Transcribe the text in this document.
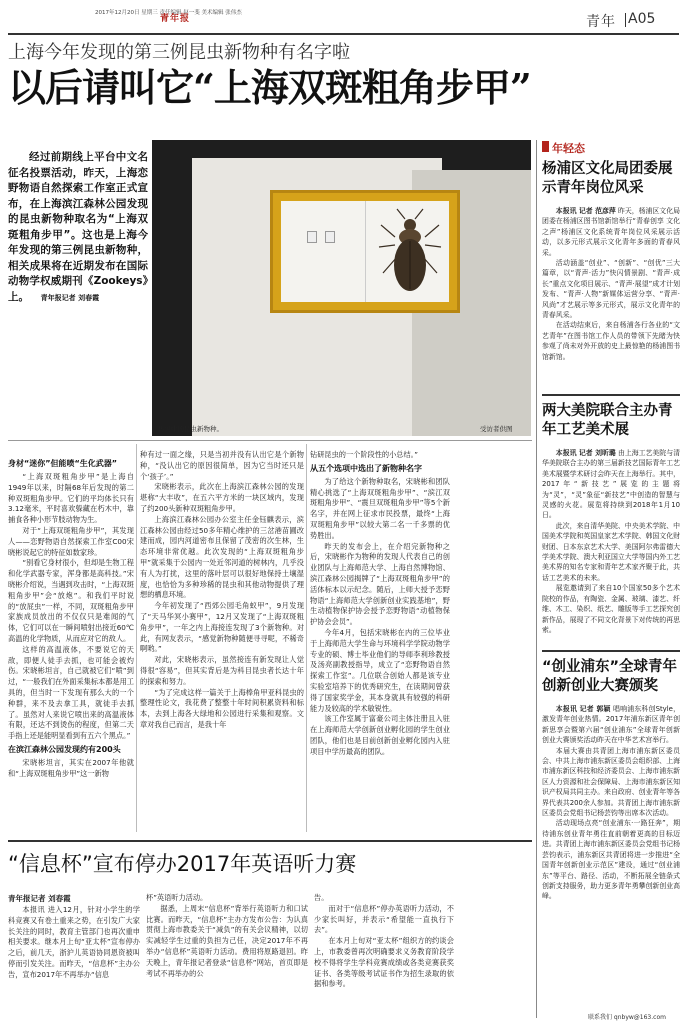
2017年12月20日 星期三 责任编辑 赵一斐 美术编辑 张伟杰
青年报	青年 A05
上海今年发现的第三例昆虫新物种有名字啦
以后请叫它“上海双斑粗角步甲”

经过前期线上平台中文名征名投票活动，昨天，上海恋野物语自然探索工作室正式宣布，在上海滨江森林公园发现的昆虫新物种取名为“上海双斑粗角步甲”。这也是上海今年发现的第三例昆虫新物种，相关成果将在近期发布在国际动物学权威期刊《Zookeys》上。 青年报记者 刘春霞

传说中的昆虫新物种。	受访者供图
身材“迷你”但能喷“生化武器”

“上海双斑粗角步甲”是上海自1949年以来，时隔68年后发现的第二种双斑粗角步甲。它们的平均体长只有3.12毫米，平时喜欢躲藏在朽木中，靠捕食各种小形节肢动物为生。

对于“上海双斑粗角步甲”，其发现人——恋野物语自然探索工作室C00宋晓彬说起它的特征如数家珍。

“别看它身材很小，但却是生物工程和化学武器专家，浑身都是高科技。”宋晓彬介绍说，当遇到攻击时，“上海双斑粗角步甲”会“放炮”。和我们平时说的“放屁虫”一样，不同，双斑粗角步甲家族成员放出的不仅仅只是难闻的气体，它们可以在一瞬间喷射出接近60℃高温的化学物质，从而应对它的敌人。

这样的高温液体，不要说它的天敌，即便人徒手去抓，也可能会被灼伤。宋晓彬坦言，自己就被它们“喷”到过，“一般我们在外面采集标本都是用工具的，但当时一下发现有那么大的一个种群，来不及去拿工具，就徒手去抓了。虽然对人来说它喷出来的高温液体有限，还达不到烫伤的程度，但第二天手指上还是能明显看到有五六个黑点。”

在滨江森林公园发现约有200头

宋晓彬坦言，其实在2007年他就和“上海双斑粗角步甲”这一新物

种有过一面之缘，只是当初并没有认出它是个新物种，“没认出它的原因很简单，因为它当时还只是个‘孩子’。”

宋晓彬表示，此次在上海滨江森林公园的发现堪称“大丰收”，在五六平方米的一块区域内，发现了约200头新种双斑粗角步甲。

上海滨江森林公园办公室主任金钰麒表示，滨江森林公园由经过50多年精心维护的三岔港苗圃改建而成，园内河道密布且保留了茂密的次生林，生态环境非常优越。此次发现的“上海双斑粗角步甲”就采集于公园内一处近邻河道的树林内，几乎没有人为打扰，这里的落叶层可以很好地保持土壤湿度，也恰恰为多种珍稀的昆虫和其他动物提供了理想的栖息环境。

今年初发现了“西郊公园毛角蚁甲”，9月发现了“天马华冥小赛甲”，12月又发现了“上海双斑粗角步甲”，一年之内上海接连发现了3个新物种。对此，有网友表示，“感觉新物种随便寻寻呢，不稀奇啊哟。”

对此，宋晓彬表示，虽然接连有新发现让人觉得很“容易”，但其实背后是为科目昆虫者长达十年的探索和努力。

“为了完成这样一篇关于上海棒角甲亚科昆虫的整理性论文，我花费了整整十年时间积累资料和标本，去到上海各大绿地和公园进行采集和观察。文章对我自己而言，是我十年

钻研昆虫的一个阶段性的小总结。”

从五个选项中选出了新物种名字

为了给这个新物种取名，宋晓彬和团队精心挑选了“上海双斑粗角步甲”、“滨江双斑粗角步甲”、“震旦双斑粗角步甲”等5个新名字，并在网上征求市民投票，最终“上海双斑粗角步甲”以较大第二名一千多票的优势胜出。

昨天的发布会上，在介绍完新物种之后，宋晓彬作为物种的发现人代表自己的创业团队与上海师范大学、上海自然博物馆、滨江森林公园揭牌了“上海双斑粗角步甲”的活体标本以示纪念。随后，上师大授予恋野物语“上海师范大学创新创业实践基地”，野生动植物保护协会授予恋野物语“动植物保护协会会员”。

今年4月，包括宋晓彬在内的三位毕业于上海师范大学生命与环境科学学院动物学专业的硕、博士毕业他们的导师李利珍教授及汤亮副教授指导，成立了“恋野物语自然探索工作室”。几位联合创始人都是该专业实验室培养下的优秀研究生，在读期间曾获得了国家奖学金，其本身就具有较强的科研能力及较高的学术敏锐性。

该工作室属于富豪公司主体注册且入驻在上海师范大学创新创业孵化园的学生创业团队，他们也是目前创新创业孵化园内入驻项目中学历最高的团队。

“信息杯”宣布停办2017年英语听力赛
青年报记者 刘春霞

本报讯 进入12月，针对小学生的学科竞赛又有卷土重来之势，在引发广大家长关注的同时，教育主管部门也再次重申相关要求。继本月上旬“亚太杯”宣布停办之后，前几天，浙沪儿英语协同恩资被叫停而引发关注。而昨天，“信息杯”主办公告，宣布2017年不再举办“信息

杯”英语听力活动。

据悉，上周末“信息杯”背举行英语听力和口试比赛。而昨天，“信息杯”主办方发布公告：为认真贯彻上海市教委关于“减负”的有关会议精神，以切实减轻学生过重的负担为己任，决定2017年不再举办“信息杯”英语听力活动。费用将原路退回。昨天晚上，青年报记者登录“信息杯”网站，首页即是考试不再举办的公

告。

而对于“信息杯”停办英语听力活动，不少家长叫好，并表示“希望能一直执行下去”。

在本月上旬对“亚太杯”组织方的约谈会上，市教委曾再次明确要求义务教育阶段学校不得将学生学科竞赛成绩或各类竞赛获奖证书、各类等级考试证书作为招生录取的依据和参考。

年轻态
杨浦区文化局团委展示青年岗位风采

本报讯 记者 范彦萍 昨天，杨浦区文化局团委在杨浦区图书馆新馆举行“青春创享 文化之声”杨浦区文化系统青年岗位风采展示活动，以多元形式展示文化青年多面的青春风采。

活动涵盖“创业”、“创新”、“创优”三大篇章，以“青声·活力”快闪情景剧、“青声·成长”重点文化项目展示、“青声·展望”成才计划发布、“青声·人物”新媒体运营分享、“青声·风尚”才艺展示等多元形式，展示文化青年的青春风采。

在活动结束后，来自杨浦各行各业的“文艺青年”在图书馆工作人员的带领下先睹为快参观了尚未对外开放的史上最惊艳的杨浦图书馆新馆。

两大美院联合主办青年工艺美术展

本报讯 记者 刘昕璐 由上海工艺美院与清华美院联合主办的第三届新技艺国际青年工艺美术展暨学术研讨会昨天在上海举行。其中，2017年“新技艺”展览的主题将为“灵”，“灵”象征“新技艺”中创造的智慧与灵感的火花。展览将持续到2018年1月10日。

此次，来自清华美院、中央美术学院、中国美术学院和英国皇家艺术学院、韩国文化财财团、日本东京艺术大学、美国阿尔弗雷德大学美术学院、澳大利亚国立大学等国内外工艺美术界的知名专家和青年艺术家齐聚于此，共话工艺美术的未来。

展览邀请到了来自10个国家50多个艺术院校的作品，有陶瓷、金属、玻璃、漆艺、纤维、木工、染织、纸艺、雕版等手工艺探究创新作品，展现了不同文化背景下对传统的再思索。

“创业浦东”全球青年创新创业大赛颁奖

本报讯 记者 郭颖 唱响浦东科创Style，激发青年创业热情。2017年浦东新区青年创新思享会暨第六届“创业浦东”全球青年创新创业大赛颁奖活动昨天在中华艺术宫举行。

本届大赛由共青团上海市浦东新区委员会、中共上海市浦东新区委员会组织部、上海市浦东新区科技和经济委员会、上海市浦东新区人力资源和社会保障局、上海市浦东新区知识产权局共同主办。来自政府、创业青年等各界代表共200余人参加。共青团上海市浦东新区委员会党组书记杨芸钧等出席本次活动。

活动现场点亮“创业浦东·一路狂奔”，期待浦东创业青年勇往直前朝着更高的目标迈进。共青团上海市浦东新区委员会党组书记杨芸钧表示，浦东新区共青团将进一步推进“全国青年创新创业示范区”建设，通过“创业浦东”等平台、路径、活动，不断拓展全链条式创新支持服务，助力更多青年勇攀创新创业高峰。

联系我们 qnbyw@163.com
